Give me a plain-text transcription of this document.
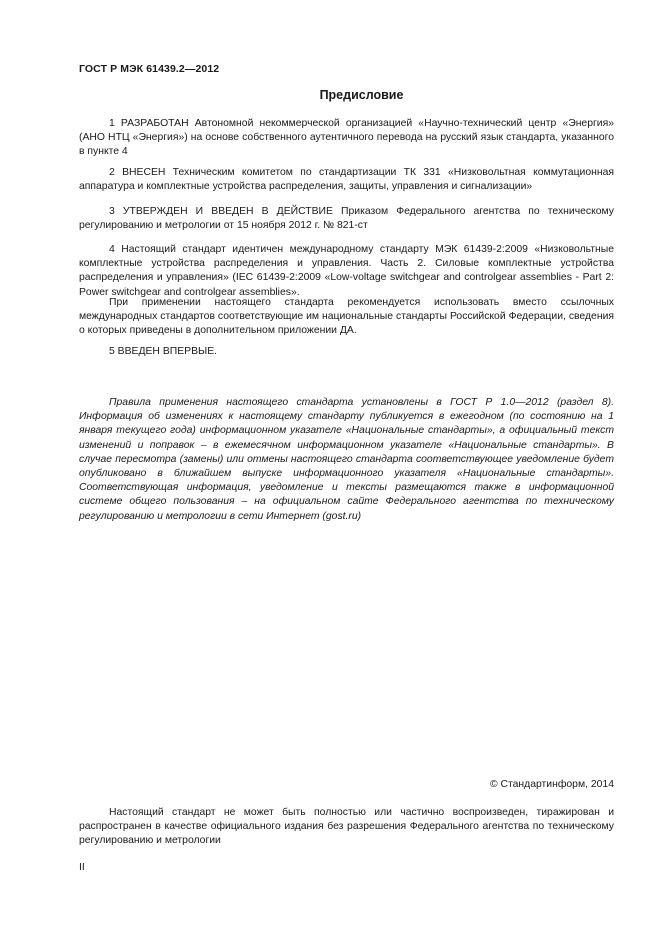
ГОСТ Р МЭК 61439.2—2012
Предисловие

1 РАЗРАБОТАН Автономной некоммерческой организацией «Научно-технический центр «Энергия» (АНО НТЦ «Энергия») на основе собственного аутентичного перевода на русский язык стандарта, указанного в пункте 4

2 ВНЕСЕН Техническим комитетом по стандартизации ТК 331 «Низковольтная коммутационная аппаратура и комплектные устройства распределения, защиты, управления и сигнализации»

3 УТВЕРЖДЕН И ВВЕДЕН В ДЕЙСТВИЕ Приказом Федерального агентства по техническому регулированию и метрологии от 15 ноября 2012 г. № 821-ст

4 Настоящий стандарт идентичен международному стандарту МЭК 61439-2:2009 «Низковольтные комплектные устройства распределения и управления. Часть 2. Силовые комплектные устройства распределения и управления» (IEC 61439-2:2009 «Low-voltage switchgear and controlgear assemblies - Part 2: Power switchgear and controlgear assemblies».

При применении настоящего стандарта рекомендуется использовать вместо ссылочных международных стандартов соответствующие им национальные стандарты Российской Федерации, сведения о которых приведены в дополнительном приложении ДА.

5 ВВЕДЕН ВПЕРВЫЕ.

Правила применения настоящего стандарта установлены в ГОСТ Р 1.0—2012 (раздел 8). Информация об изменениях к настоящему стандарту публикуется в ежегодном (по состоянию на 1 января текущего года) информационном указателе «Национальные стандарты», а официальный текст изменений и поправок – в ежемесячном информационном указателе «Национальные стандарты». В случае пересмотра (замены) или отмены настоящего стандарта соответствующее уведомление будет опубликовано в ближайшем выпуске информационного указателя «Национальные стандарты». Соответствующая информация, уведомление и тексты размещаются также в информационной системе общего пользования – на официальном сайте Федерального агентства по техническому регулированию и метрологии в сети Интернет (gost.ru)

© Стандартинформ, 2014

Настоящий стандарт не может быть полностью или частично воспроизведен, тиражирован и распространен в качестве официального издания без разрешения Федерального агентства по техническому регулированию и метрологии

II
